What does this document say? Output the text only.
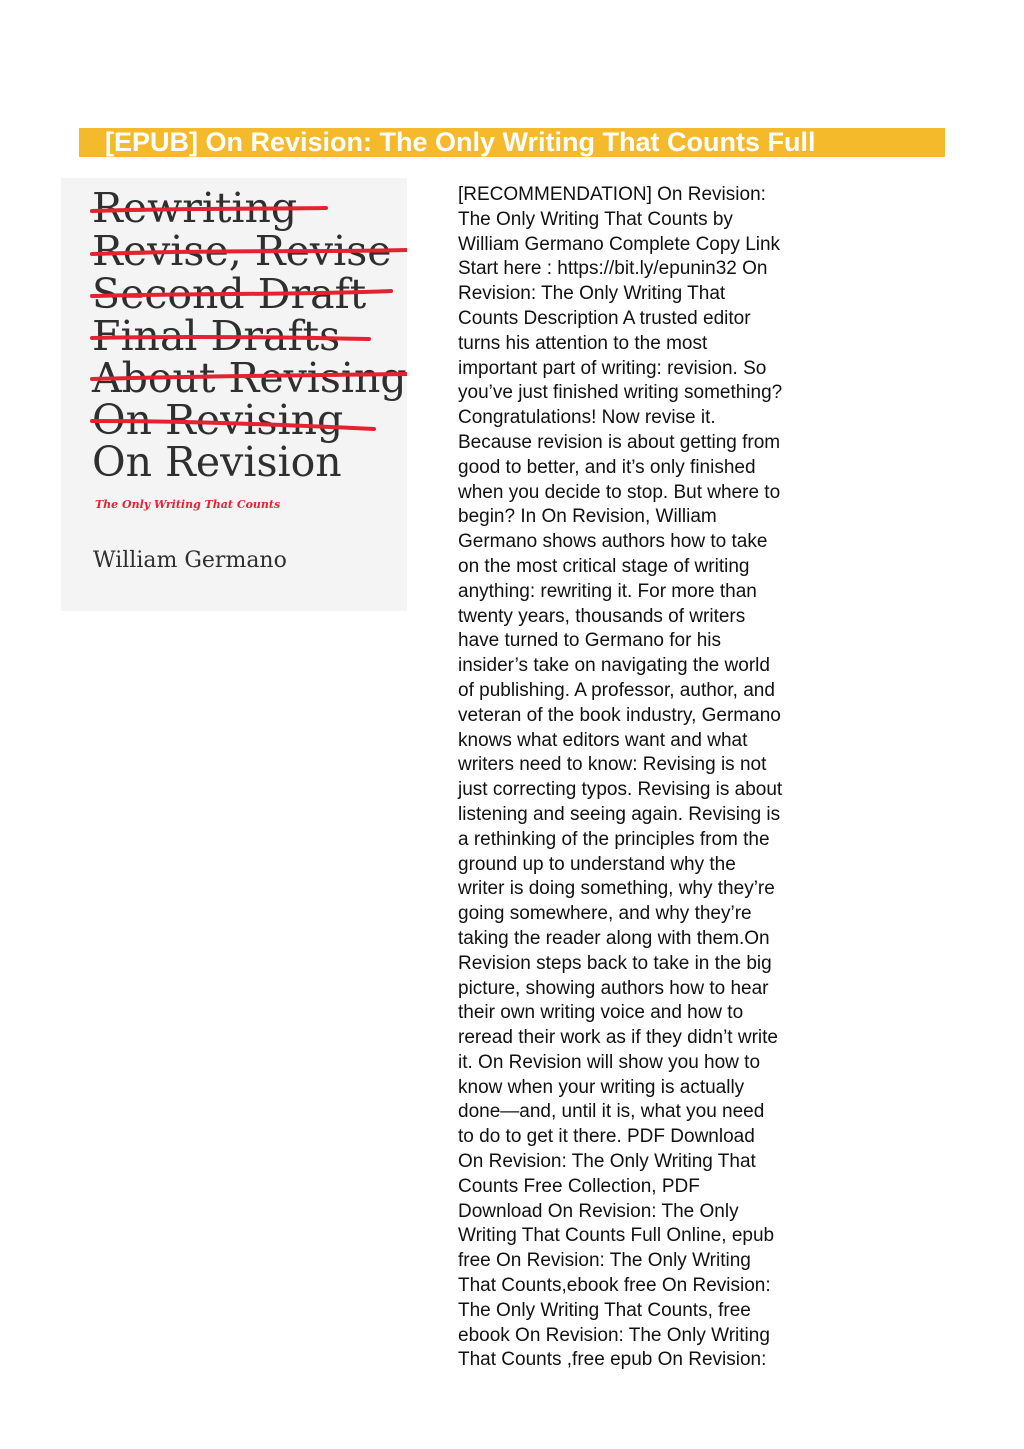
[EPUB] On Revision: The Only Writing That Counts Full
Rewriting
Revise, Revise
Second Draft
Final Drafts
About Revising
On Revising
On Revision
The Only Writing That Counts
William Germano

[RECOMMENDATION] On Revision:
The Only Writing That Counts by
William Germano Complete Copy Link
Start here : https://bit.ly/epunin32 On
Revision: The Only Writing That
Counts Description A trusted editor
turns his attention to the most
important part of writing: revision. So
you’ve just finished writing something?
Congratulations! Now revise it.
Because revision is about getting from
good to better, and it’s only finished
when you decide to stop. But where to
begin? In On Revision, William
Germano shows authors how to take
on the most critical stage of writing
anything: rewriting it. For more than
twenty years, thousands of writers
have turned to Germano for his
insider’s take on navigating the world
of publishing. A professor, author, and
veteran of the book industry, Germano
knows what editors want and what
writers need to know: Revising is not
just correcting typos. Revising is about
listening and seeing again. Revising is
a rethinking of the principles from the
ground up to understand why the
writer is doing something, why they’re
going somewhere, and why they’re
taking the reader along with them.On
Revision steps back to take in the big
picture, showing authors how to hear
their own writing voice and how to
reread their work as if they didn’t write
it. On Revision will show you how to
know when your writing is actually
done—and, until it is, what you need
to do to get it there. PDF Download
On Revision: The Only Writing That
Counts Free Collection, PDF
Download On Revision: The Only
Writing That Counts Full Online, epub
free On Revision: The Only Writing
That Counts,ebook free On Revision:
The Only Writing That Counts, free
ebook On Revision: The Only Writing
That Counts ,free epub On Revision:
